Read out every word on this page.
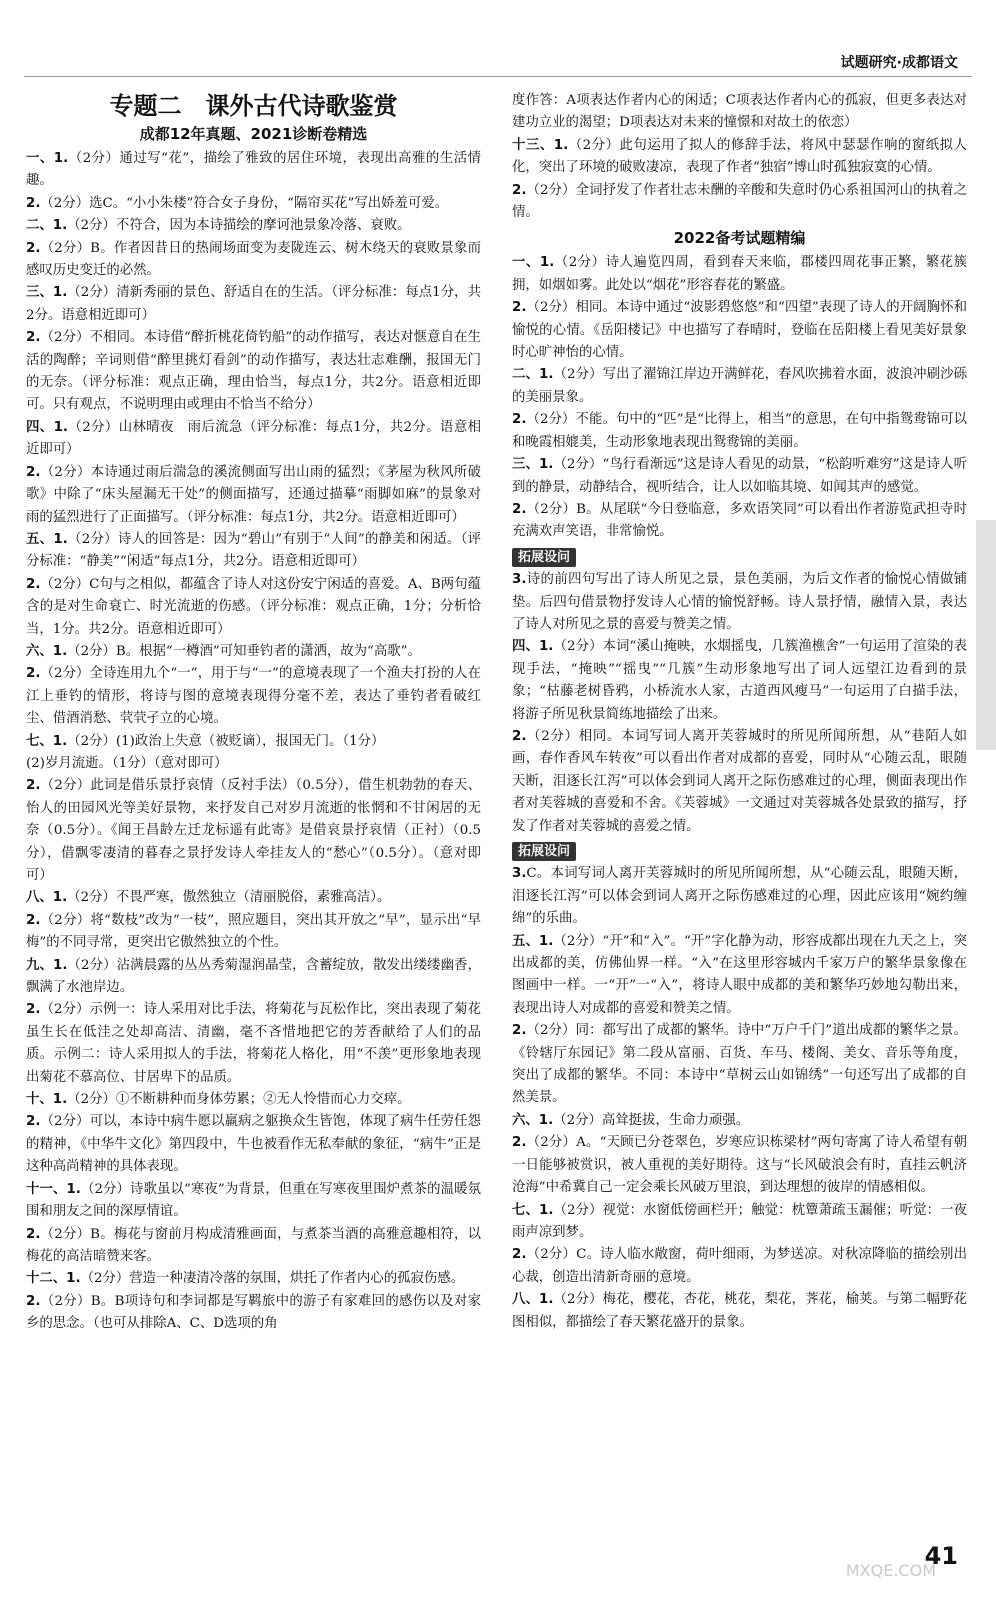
试题研究·成都语文

专题二　课外古代诗歌鉴赏

成都12年真题、2021诊断卷精选

一、1.（2分）通过写“花”，描绘了雅致的居住环境，表现出高雅的生活情趣。

2.（2分）选C。“小小朱楼”符合女子身份，“隔帘买花”写出娇羞可爱。

二、1.（2分）不符合，因为本诗描绘的摩诃池景象冷落、衰败。

2.（2分）B。作者因昔日的热闹场面变为麦陇连云、树木绕天的衰败景象而感叹历史变迁的必然。

三、1.（2分）清新秀丽的景色、舒适自在的生活。（评分标准：每点1分，共2分。语意相近即可）

2.（2分）不相同。本诗借“醉折桃花倚钓船”的动作描写，表达对惬意自在生活的陶醉；辛词则借“醉里挑灯看剑”的动作描写，表达壮志难酬，报国无门的无奈。（评分标准：观点正确，理由恰当，每点1分，共2分。语意相近即可。只有观点，不说明理由或理由不恰当不给分）

四、1.（2分）山林晴夜　雨后流急（评分标准：每点1分，共2分。语意相近即可）

2.（2分）本诗通过雨后湍急的溪流侧面写出山雨的猛烈；《茅屋为秋风所破歌》中除了“床头屋漏无干处”的侧面描写，还通过描摹“雨脚如麻”的景象对雨的猛烈进行了正面描写。（评分标准：每点1分，共2分。语意相近即可）

五、1.（2分）诗人的回答是：因为“碧山”有别于“人间”的静美和闲适。（评分标准：“静美”“闲适”每点1分，共2分。语意相近即可）

2.（2分）C句与之相似，都蕴含了诗人对这份安宁闲适的喜爱。A、B两句蕴含的是对生命衰亡、时光流逝的伤感。（评分标准：观点正确，1分；分析恰当，1分。共2分。语意相近即可）

六、1.（2分）B。根据“一樽酒”可知垂钓者的潇洒，故为“高歌”。

2.（2分）全诗连用九个“一”，用于与“一”的意境表现了一个渔夫打扮的人在江上垂钓的情形，将诗与图的意境表现得分毫不差，表达了垂钓者看破红尘、借酒消愁、茕茕孑立的心境。

七、1.（2分）(1)政治上失意（被贬谪），报国无门。（1分）

(2)岁月流逝。（1分）（意对即可）

2.（2分）此词是借乐景抒哀情（反衬手法）（0.5分），借生机勃勃的春天、怡人的田园风光等美好景物，来抒发自己对岁月流逝的怅惘和不甘闲居的无奈（0.5分）。《闻王昌龄左迁龙标遥有此寄》是借哀景抒哀情（正衬）（0.5分），借飘零凄清的暮春之景抒发诗人牵挂友人的“愁心”（0.5分）。（意对即可）

八、1.（2分）不畏严寒，傲然独立（清丽脱俗，素雅高洁）。

2.（2分）将“数枝”改为“一枝”，照应题目，突出其开放之“早”，显示出“早梅”的不同寻常，更突出它傲然独立的个性。

九、1.（2分）沾满晨露的丛丛秀菊湿润晶莹，含蓄绽放，散发出缕缕幽香，飘满了水池岸边。

2.（2分）示例一：诗人采用对比手法，将菊花与瓦松作比，突出表现了菊花虽生长在低洼之处却高洁、清幽，毫不吝惜地把它的芳香献给了人们的品质。示例二：诗人采用拟人的手法，将菊花人格化，用“不羡”更形象地表现出菊花不慕高位、甘居卑下的品质。

十、1.（2分）①不断耕种而身体劳累；②无人怜惜而心力交瘁。

2.（2分）可以，本诗中病牛愿以羸病之躯换众生皆饱，体现了病牛任劳任怨的精神，《中华牛文化》第四段中，牛也被看作无私奉献的象征，“病牛”正是这种高尚精神的具体表现。

十一、1.（2分）诗歌虽以“寒夜”为背景，但重在写寒夜里围炉煮茶的温暖氛围和朋友之间的深厚情谊。

2.（2分）B。梅花与窗前月构成清雅画面，与煮茶当酒的高雅意趣相符，以梅花的高洁暗赞来客。

十二、1.（2分）营造一种凄清冷落的氛围，烘托了作者内心的孤寂伤感。

2.（2分）B。B项诗句和李词都是写羁旅中的游子有家难回的感伤以及对家乡的思念。（也可从排除A、C、D选项的角

度作答：A项表达作者内心的闲适；C项表达作者内心的孤寂，但更多表达对建功立业的渴望；D项表达对未来的憧憬和对故土的依恋）

十三、1.（2分）此句运用了拟人的修辞手法，将风中瑟瑟作响的窗纸拟人化，突出了环境的破败凄凉，表现了作者“独宿”博山时孤独寂寞的心情。

2.（2分）全词抒发了作者壮志未酬的辛酸和失意时仍心系祖国河山的执着之情。

2022备考试题精编

一、1.（2分）诗人遍览四周，看到春天来临，郡楼四周花事正繁，繁花簇拥，如烟如雾。此处以“烟花”形容春花的繁盛。

2.（2分）相同。本诗中通过“波影碧悠悠”和“四望”表现了诗人的开阔胸怀和愉悦的心情。《岳阳楼记》中也描写了春晴时，登临在岳阳楼上看见美好景象时心旷神怡的心情。

二、1.（2分）写出了濯锦江岸边开满鲜花，春风吹拂着水面，波浪冲刷沙砾的美丽景象。

2.（2分）不能。句中的“匹”是“比得上，相当”的意思，在句中指鸳鸯锦可以和晚霞相媲美，生动形象地表现出鸳鸯锦的美丽。

三、1.（2分）“鸟行看渐远”这是诗人看见的动景，“松韵听难穷”这是诗人听到的静景，动静结合，视听结合，让人以如临其境、如闻其声的感觉。

2.（2分）B。从尾联“今日登临意，多欢语笑同”可以看出作者游览武担寺时充满欢声笑语，非常愉悦。

拓展设问

3.诗的前四句写出了诗人所见之景，景色美丽，为后文作者的愉悦心情做铺垫。后四句借景物抒发诗人心情的愉悦舒畅。诗人景抒情，融情入景，表达了诗人对所见之景的喜爱与赞美之情。

四、1.（2分）本词“溪山掩映，水烟摇曳，几簇渔樵舍”一句运用了渲染的表现手法，“掩映”“摇曳”“几簇”生动形象地写出了词人远望江边看到的景象；“枯藤老树昏鸦，小桥流水人家，古道西风瘦马”一句运用了白描手法，将游子所见秋景简练地描绘了出来。

2.（2分）相同。本词写词人离开芙蓉城时的所见所闻所想，从“巷陌人如画，春作香风车转夜”可以看出作者对成都的喜爱，同时从“心随云乱，眼随天断，泪逐长江泻”可以体会到词人离开之际伤感难过的心理，侧面表现出作者对芙蓉城的喜爱和不舍。《芙蓉城》一文通过对芙蓉城各处景致的描写，抒发了作者对芙蓉城的喜爱之情。

拓展设问

3.C。本词写词人离开芙蓉城时的所见所闻所想，从“心随云乱，眼随天断，泪逐长江泻”可以体会到词人离开之际伤感难过的心理，因此应该用“婉约缠绵”的乐曲。

五、1.（2分）“开”和“入”。“开”字化静为动，形容成都出现在九天之上，突出成都的美，仿佛仙界一样。“入”在这里形容城内千家万户的繁华景象像在图画中一样。一“开”一“入”，将诗人眼中成都的美和繁华巧妙地勾勒出来，表现出诗人对成都的喜爱和赞美之情。

2.（2分）同：都写出了成都的繁华。诗中“万户千门”道出成都的繁华之景。《铃辖厅东园记》第二段从富丽、百货、车马、楼阁、美女、音乐等角度，突出了成都的繁华。不同：本诗中“草树云山如锦绣”一句还写出了成都的自然美景。

六、1.（2分）高耸挺拔，生命力顽强。

2.（2分）A。“天顾已分苍翠色，岁寒应识栋梁材”两句寄寓了诗人希望有朝一日能够被赏识，被人重视的美好期待。这与“长风破浪会有时，直挂云帆济沧海”中希冀自己一定会乘长风破万里浪，到达理想的彼岸的情感相似。

七、1.（2分）视觉：水窗低傍画栏开；触觉：枕簟萧疏玉漏催；听觉：一夜雨声凉到梦。

2.（2分）C。诗人临水敞窗，荷叶细雨，为梦送凉。对秋凉降临的描绘别出心裁，创造出清新奇丽的意境。

八、1.（2分）梅花，樱花，杏花，桃花，梨花，荠花，榆荚。与第二幅野花图相似，都描绘了春天繁花盛开的景象。

MXQE.COM
41
